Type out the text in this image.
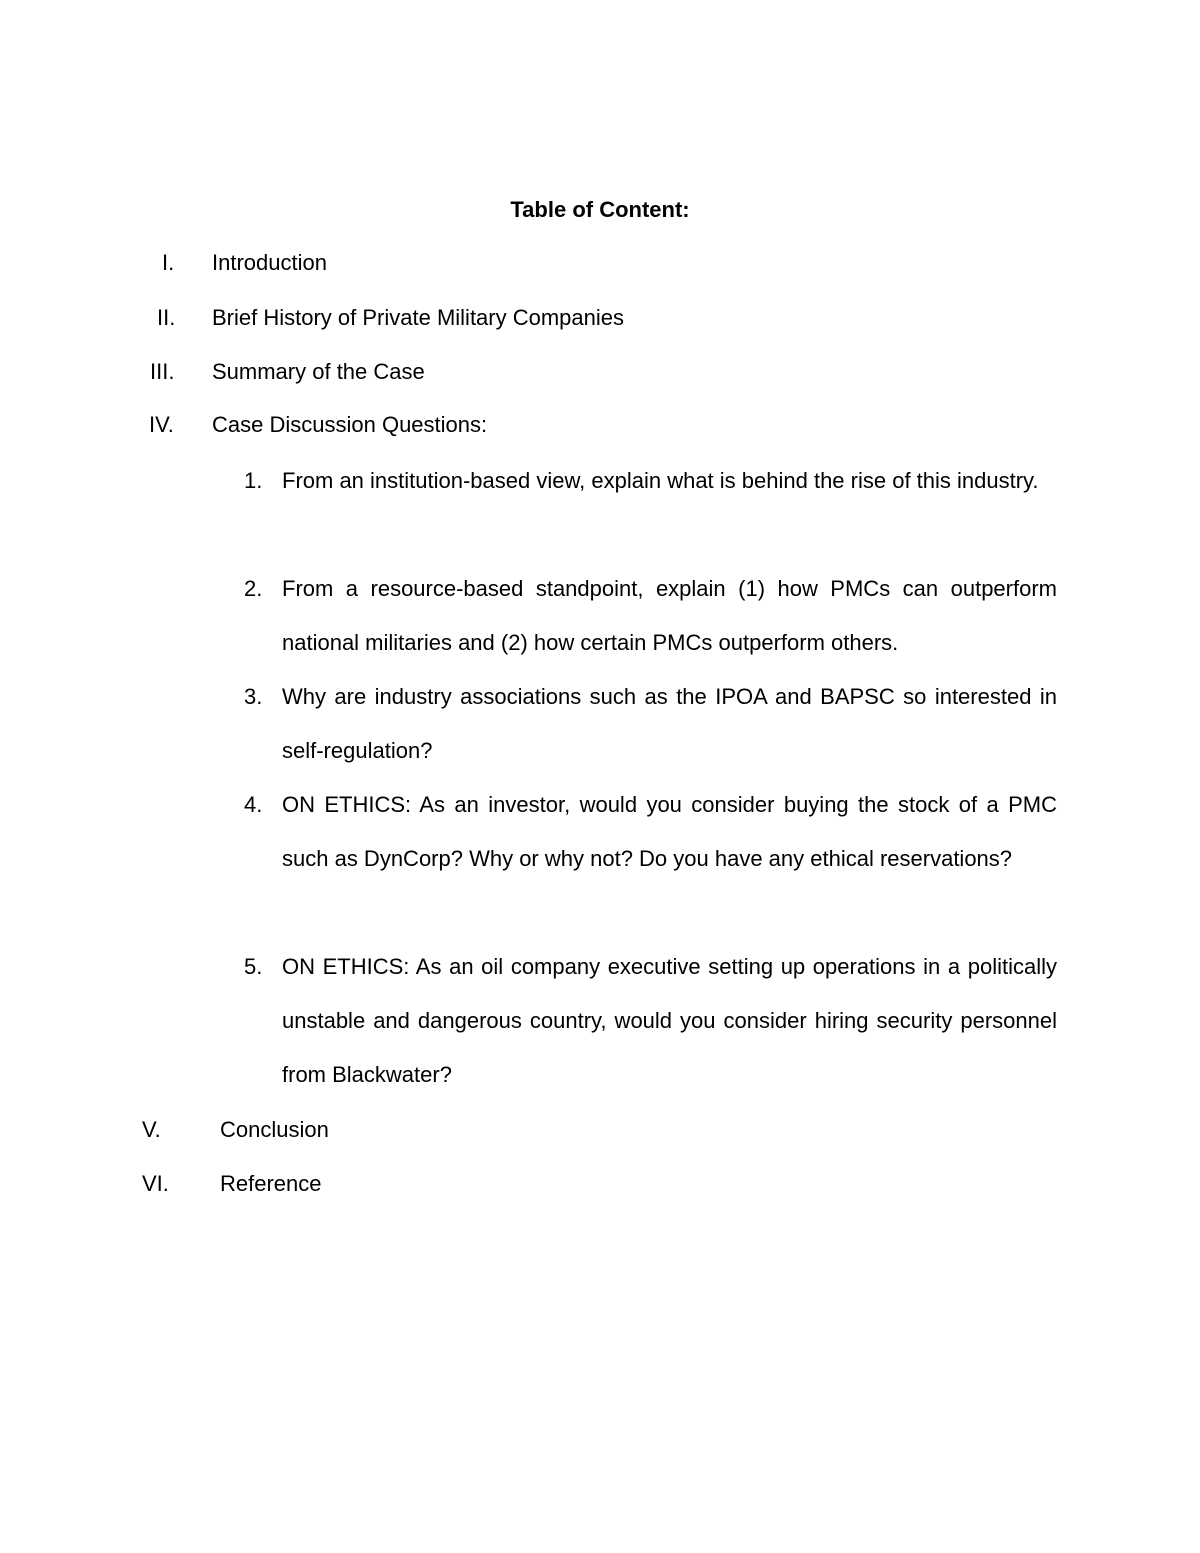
Table of Content:
I. Introduction
II. Brief History of Private Military Companies
III. Summary of the Case
IV. Case Discussion Questions:
1. From an institution-based view, explain what is behind the rise of this industry.
2. From a resource-based standpoint, explain (1) how PMCs can outperform national militaries and (2) how certain PMCs outperform others.
3. Why are industry associations such as the IPOA and BAPSC so interested in self-regulation?
4. ON ETHICS: As an investor, would you consider buying the stock of a PMC such as DynCorp? Why or why not? Do you have any ethical reservations?
5. ON ETHICS: As an oil company executive setting up operations in a politically unstable and dangerous country, would you consider hiring security personnel from Blackwater?
V.	Conclusion
VI. Reference
